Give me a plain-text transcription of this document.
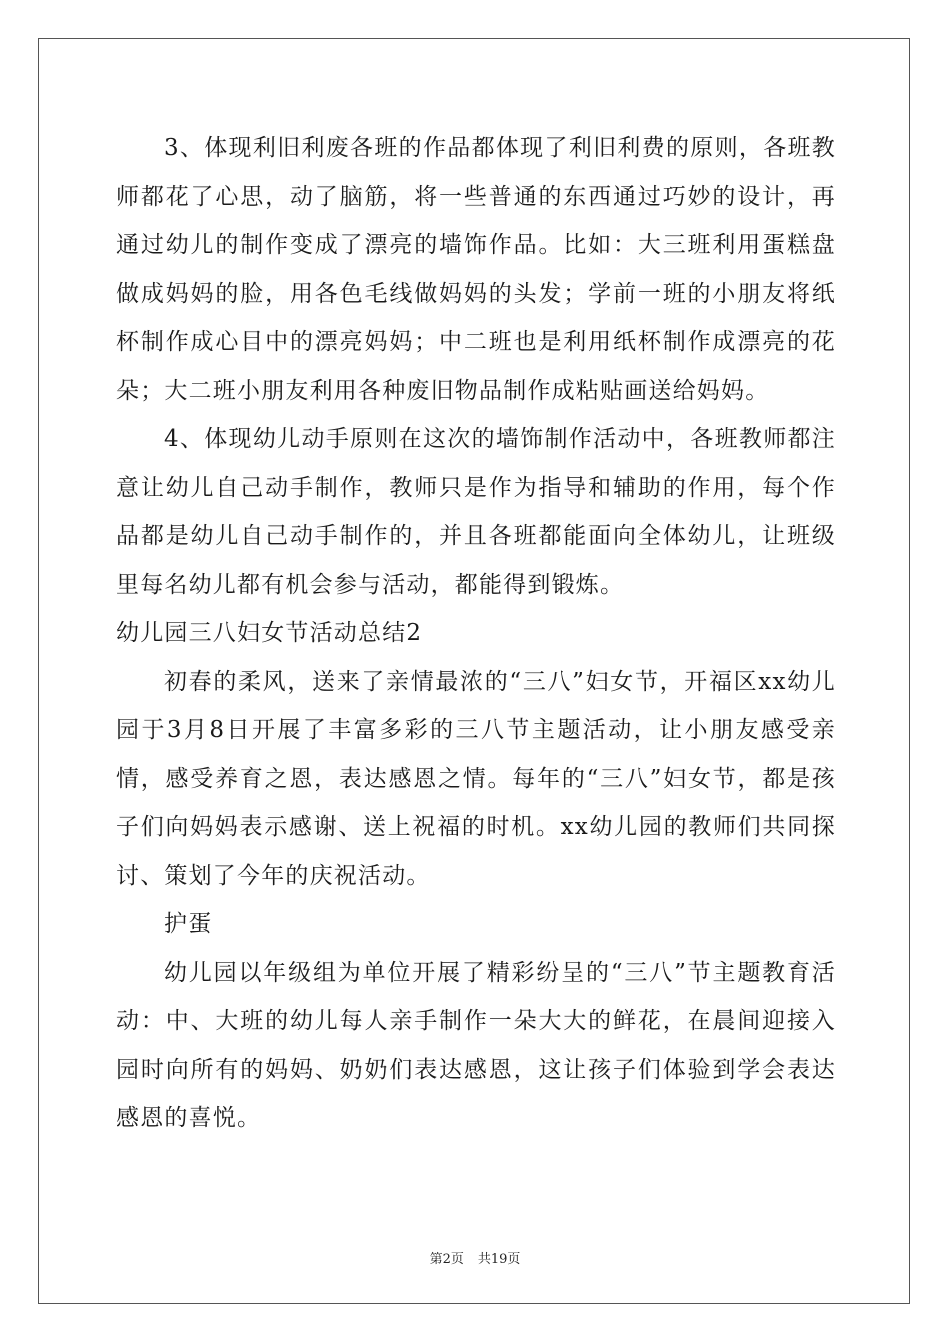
3、体现利旧利废各班的作品都体现了利旧利费的原则，各班教师都花了心思，动了脑筋，将一些普通的东西通过巧妙的设计，再通过幼儿的制作变成了漂亮的墙饰作品。比如：大三班利用蛋糕盘做成妈妈的脸，用各色毛线做妈妈的头发；学前一班的小朋友将纸杯制作成心目中的漂亮妈妈；中二班也是利用纸杯制作成漂亮的花朵；大二班小朋友利用各种废旧物品制作成粘贴画送给妈妈。

4、体现幼儿动手原则在这次的墙饰制作活动中，各班教师都注意让幼儿自己动手制作，教师只是作为指导和辅助的作用，每个作品都是幼儿自己动手制作的，并且各班都能面向全体幼儿，让班级里每名幼儿都有机会参与活动，都能得到锻炼。

幼儿园三八妇女节活动总结2

初春的柔风，送来了亲情最浓的“三八”妇女节，开福区xx幼儿园于3月8日开展了丰富多彩的三八节主题活动，让小朋友感受亲情，感受养育之恩，表达感恩之情。每年的“三八”妇女节，都是孩子们向妈妈表示感谢、送上祝福的时机。xx幼儿园的教师们共同探讨、策划了今年的庆祝活动。

护蛋

幼儿园以年级组为单位开展了精彩纷呈的“三八”节主题教育活动：中、大班的幼儿每人亲手制作一朵大大的鲜花，在晨间迎接入园时向所有的妈妈、奶奶们表达感恩，这让孩子们体验到学会表达感恩的喜悦。

第2页 共19页
